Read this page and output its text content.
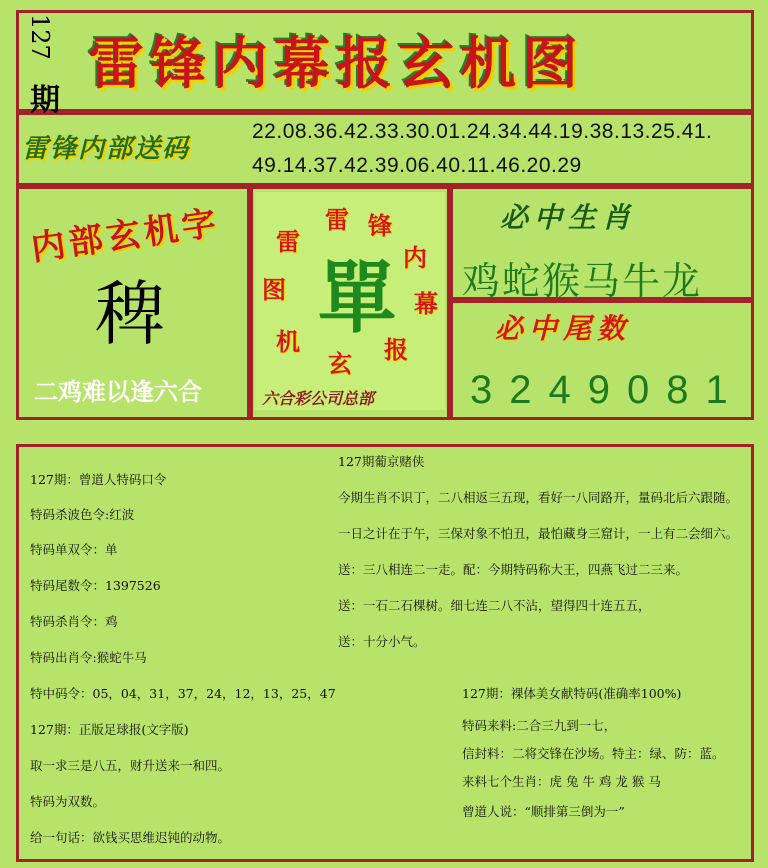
127
期
雷锋内幕报玄机图
雷锋内部送码
22.08.36.42.33.30.01.24.34.44.19.38.13.25.41.
49.14.37.42.39.06.40.11.46.20.29
内部玄机字
稗
二鸡难以逢六合
雷 锋
内
幕
报
玄
机
图
雷
單
六合彩公司总部
必中生肖
鸡蛇猴马牛龙
必中尾数
3249081
127期：曾道人特码口令
特码杀波色令:红波
特码单双令：单
特码尾数令：1397526
特码杀肖令：鸡
特码出肖令:猴蛇牛马
特中码令：05，04，31，37，24，12，13，25，47
127期：正版足球报(文字版)
取一求三是八五，财升送来一和四。
特码为双数。
给一句话：欲钱买思维迟钝的动物。
127期葡京赌侠
今期生肖不识丁，二八相返三五现，看好一八同路开，量码北后六跟随。
一日之计在于午，三保对象不怕丑，最怕藏身三窟计，一上有二会细六。
送：三八相连二一走。配：今期特码称大王，四燕飞过二三来。
送：一石二石棵树。细七连二八不沾，望得四十连五五，
送：十分小气。
127期：裸体美女献特码(准确率100%)
特码来料:二合三九到一七，
信封料：二将交锋在沙场。特主：绿、防：蓝。
来料七个生肖：虎 兔 牛 鸡 龙 猴 马
曾道人说：“顺排第三倒为一”
